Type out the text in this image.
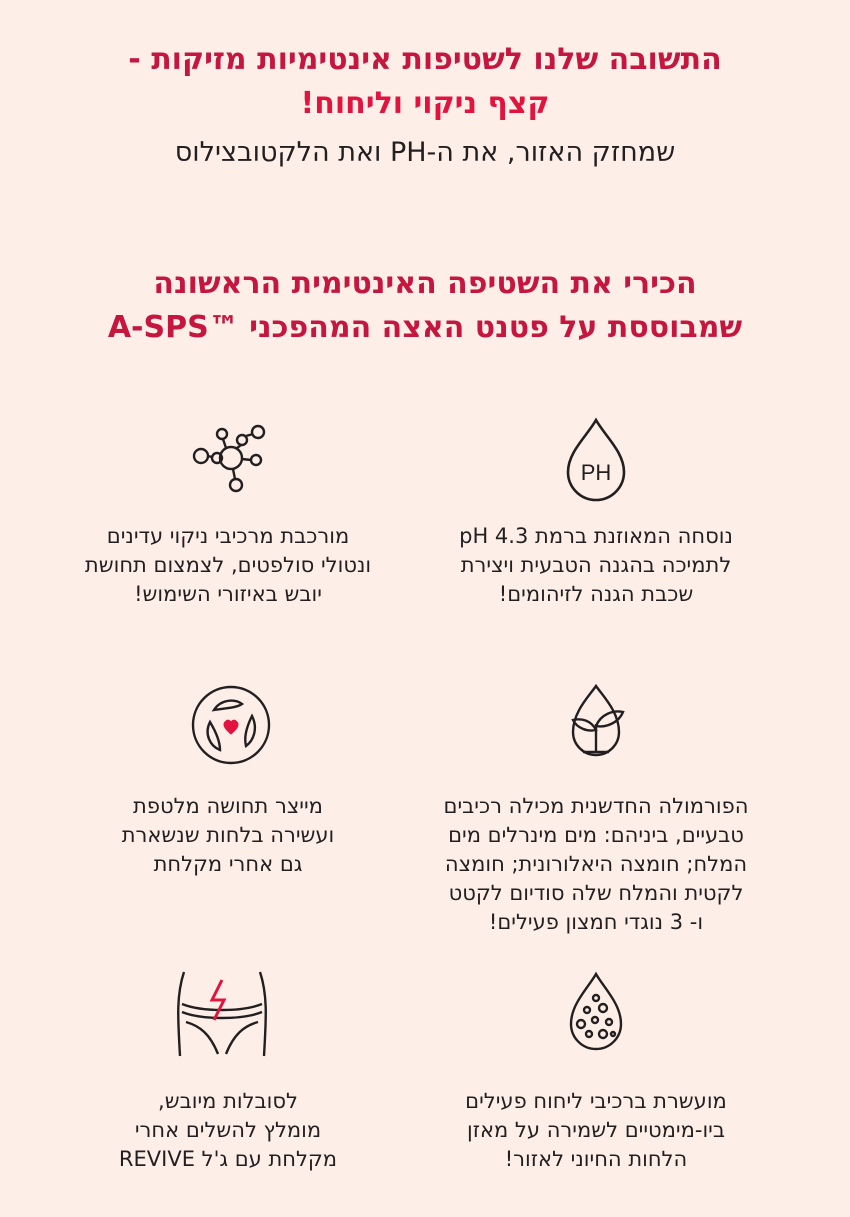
התשובה שלנו לשטיפות אינטימיות מזיקות -
קצף ניקוי וליחוח!

שמחזק האזור, את ה-PH ואת הלקטובצילוס

הכירי את השטיפה האינטימית הראשונה
שמבוססת על פטנט האצה המהפכני ™A-SPS
PH

נוסחה המאוזנת ברמת pH 4.3
לתמיכה בהגנה הטבעית ויצירת
שכבת הגנה לזיהומים!

מורכבת מרכיבי ניקוי עדינים
ונטולי סולפטים, לצמצום תחושת
יובש באיזורי השימוש!

הפורמולה החדשנית מכילה רכיבים
טבעיים, ביניהם: מים מינרלים מים
המלח; חומצה היאלורונית; חומצה
לקטית והמלח שלה סודיום לקטט
ו- 3 נוגדי חמצון פעילים!

מייצר תחושה מלטפת
ועשירה בלחות שנשארת
גם אחרי מקלחת

מועשרת ברכיבי ליחוח פעילים
ביו-מימטיים לשמירה על מאזן
הלחות החיוני לאזור!

לסובלות מיובש,
מומלץ להשלים אחרי
מקלחת עם ג'ל REVIVE
